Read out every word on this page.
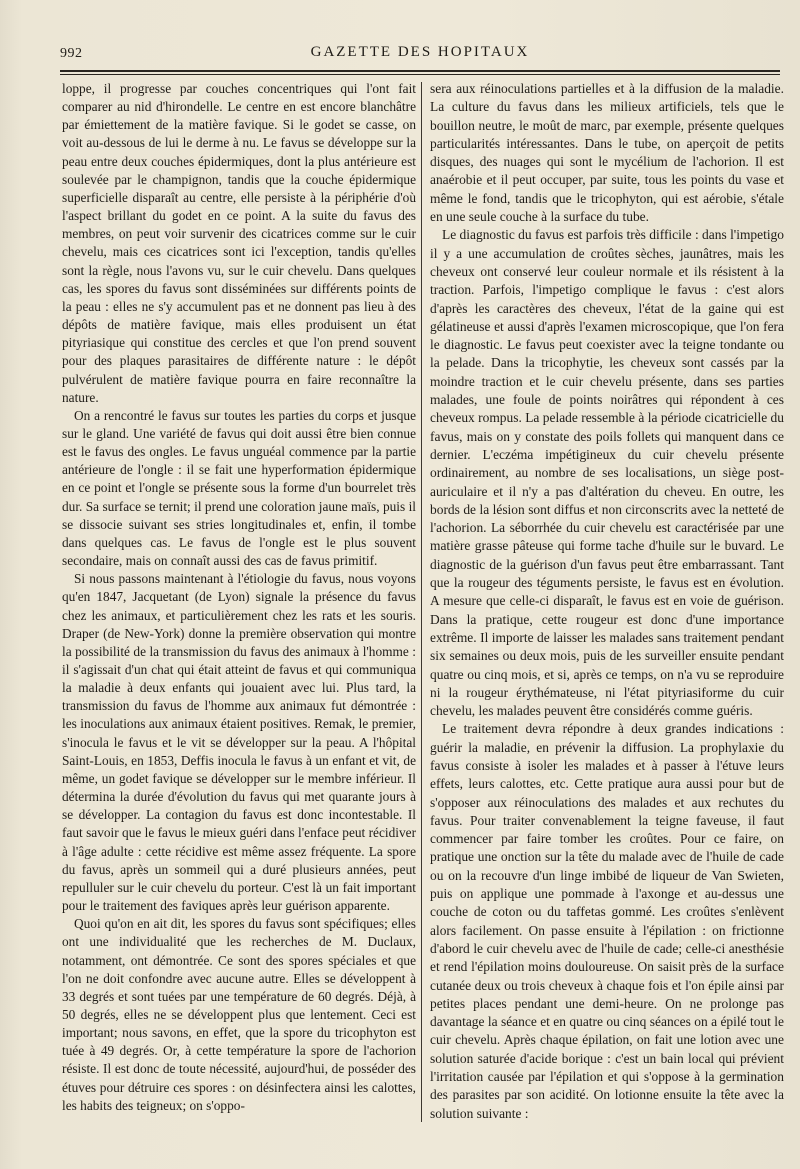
992	GAZETTE DES HOPITAUX

loppe, il progresse par couches concentriques qui l'ont fait comparer au nid d'hirondelle. Le centre en est encore blanchâtre par émiettement de la matière favique. Si le godet se casse, on voit au-dessous de lui le derme à nu. Le favus se développe sur la peau entre deux couches épidermiques, dont la plus antérieure est soulevée par le champignon, tandis que la couche épidermique superficielle disparaît au centre, elle persiste à la périphérie d'où l'aspect brillant du godet en ce point. A la suite du favus des membres, on peut voir survenir des cicatrices comme sur le cuir chevelu, mais ces cicatrices sont ici l'exception, tandis qu'elles sont la règle, nous l'avons vu, sur le cuir chevelu. Dans quelques cas, les spores du favus sont disséminées sur différents points de la peau : elles ne s'y accumulent pas et ne donnent pas lieu à des dépôts de matière favique, mais elles produisent un état pityriasique qui constitue des cercles et que l'on prend souvent pour des plaques parasitaires de différente nature : le dépôt pulvérulent de matière favique pourra en faire reconnaître la nature.

On a rencontré le favus sur toutes les parties du corps et jusque sur le gland. Une variété de favus qui doit aussi être bien connue est le favus des ongles. Le favus unguéal commence par la partie antérieure de l'ongle : il se fait une hyperformation épidermique en ce point et l'ongle se présente sous la forme d'un bourrelet très dur. Sa surface se ternit; il prend une coloration jaune maïs, puis il se dissocie suivant ses stries longitudinales et, enfin, il tombe dans quelques cas. Le favus de l'ongle est le plus souvent secondaire, mais on connaît aussi des cas de favus primitif.

Si nous passons maintenant à l'étiologie du favus, nous voyons qu'en 1847, Jacquetant (de Lyon) signale la présence du favus chez les animaux, et particulièrement chez les rats et les souris. Draper (de New-York) donne la première observation qui montre la possibilité de la transmission du favus des animaux à l'homme : il s'agissait d'un chat qui était atteint de favus et qui communiqua la maladie à deux enfants qui jouaient avec lui. Plus tard, la transmission du favus de l'homme aux animaux fut démontrée : les inoculations aux animaux étaient positives. Remak, le premier, s'inocula le favus et le vit se développer sur la peau. A l'hôpital Saint-Louis, en 1853, Deffis inocula le favus à un enfant et vit, de même, un godet favique se développer sur le membre inférieur. Il détermina la durée d'évolution du favus qui met quarante jours à se développer. La contagion du favus est donc incontestable. Il faut savoir que le favus le mieux guéri dans l'enface peut récidiver à l'âge adulte : cette récidive est même assez fréquente. La spore du favus, après un sommeil qui a duré plusieurs années, peut repulluler sur le cuir chevelu du porteur. C'est là un fait important pour le traitement des faviques après leur guérison apparente.

Quoi qu'on en ait dit, les spores du favus sont spécifiques; elles ont une individualité que les recherches de M. Duclaux, notamment, ont démontrée. Ce sont des spores spéciales et que l'on ne doit confondre avec aucune autre. Elles se développent à 33 degrés et sont tuées par une température de 60 degrés. Déjà, à 50 degrés, elles ne se développent plus que lentement. Ceci est important; nous savons, en effet, que la spore du tricophyton est tuée à 49 degrés. Or, à cette température la spore de l'achorion résiste. Il est donc de toute nécessité, aujourd'hui, de posséder des étuves pour détruire ces spores : on désinfectera ainsi les calottes, les habits des teigneux; on s'oppo-

sera aux réinoculations partielles et à la diffusion de la maladie. La culture du favus dans les milieux artificiels, tels que le bouillon neutre, le moût de marc, par exemple, présente quelques particularités intéressantes. Dans le tube, on aperçoit de petits disques, des nuages qui sont le mycélium de l'achorion. Il est anaérobie et il peut occuper, par suite, tous les points du vase et même le fond, tandis que le tricophyton, qui est aérobie, s'étale en une seule couche à la surface du tube.

Le diagnostic du favus est parfois très difficile : dans l'impetigo il y a une accumulation de croûtes sèches, jaunâtres, mais les cheveux ont conservé leur couleur normale et ils résistent à la traction. Parfois, l'impetigo complique le favus : c'est alors d'après les caractères des cheveux, l'état de la gaine qui est gélatineuse et aussi d'après l'examen microscopique, que l'on fera le diagnostic. Le favus peut coexister avec la teigne tondante ou la pelade. Dans la tricophytie, les cheveux sont cassés par la moindre traction et le cuir chevelu présente, dans ses parties malades, une foule de points noirâtres qui répondent à ces cheveux rompus. La pelade ressemble à la période cicatricielle du favus, mais on y constate des poils follets qui manquent dans ce dernier. L'eczéma impétigineux du cuir chevelu présente ordinairement, au nombre de ses localisations, un siège post-auriculaire et il n'y a pas d'altération du cheveu. En outre, les bords de la lésion sont diffus et non circonscrits avec la netteté de l'achorion. La séborrhée du cuir chevelu est caractérisée par une matière grasse pâteuse qui forme tache d'huile sur le buvard. Le diagnostic de la guérison d'un favus peut être embarrassant. Tant que la rougeur des téguments persiste, le favus est en évolution. A mesure que celle-ci disparaît, le favus est en voie de guérison. Dans la pratique, cette rougeur est donc d'une importance extrême. Il importe de laisser les malades sans traitement pendant six semaines ou deux mois, puis de les surveiller ensuite pendant quatre ou cinq mois, et si, après ce temps, on n'a vu se reproduire ni la rougeur érythémateuse, ni l'état pityriasiforme du cuir chevelu, les malades peuvent être considérés comme guéris.

Le traitement devra répondre à deux grandes indications : guérir la maladie, en prévenir la diffusion. La prophylaxie du favus consiste à isoler les malades et à passer à l'étuve leurs effets, leurs calottes, etc. Cette pratique aura aussi pour but de s'opposer aux réinoculations des malades et aux rechutes du favus. Pour traiter convenablement la teigne faveuse, il faut commencer par faire tomber les croûtes. Pour ce faire, on pratique une onction sur la tête du malade avec de l'huile de cade ou on la recouvre d'un linge imbibé de liqueur de Van Swieten, puis on applique une pommade à l'axonge et au-dessus une couche de coton ou du taffetas gommé. Les croûtes s'enlèvent alors facilement. On passe ensuite à l'épilation : on frictionne d'abord le cuir chevelu avec de l'huile de cade; celle-ci anesthésie et rend l'épilation moins douloureuse. On saisit près de la surface cutanée deux ou trois cheveux à chaque fois et l'on épile ainsi par petites places pendant une demi-heure. On ne prolonge pas davantage la séance et en quatre ou cinq séances on a épilé tout le cuir chevelu. Après chaque épilation, on fait une lotion avec une solution saturée d'acide borique : c'est un bain local qui prévient l'irritation causée par l'épilation et qui s'oppose à la germination des parasites par son acidité. On lotionne ensuite la tête avec la solution suivante :
